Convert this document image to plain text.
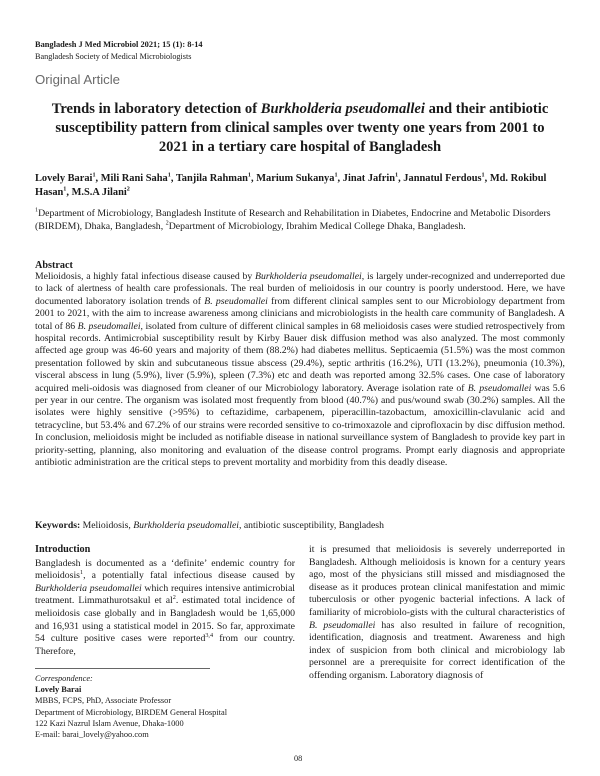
Bangladesh J Med Microbiol 2021; 15 (1): 8-14
Bangladesh Society of Medical Microbiologists
Original Article
Trends in laboratory detection of Burkholderia pseudomallei and their antibiotic susceptibility pattern from clinical samples over twenty one years from 2001 to 2021 in a tertiary care hospital of Bangladesh
Lovely Barai$^1$, Mili Rani Saha$^1$, Tanjila Rahman$^1$, Marium Sukanya$^1$, Jinat Jafrin$^1$, Jannatul Ferdous$^1$, Md. Rokibul Hasan$^1$, M.S.A Jilani$^2$
$^1$Department of Microbiology, Bangladesh Institute of Research and Rehabilitation in Diabetes, Endocrine and Metabolic Disorders (BIRDEM), Dhaka, Bangladesh, $^2$Department of Microbiology, Ibrahim Medical College Dhaka, Bangladesh.
Abstract
Melioidosis, a highly fatal infectious disease caused by Burkholderia pseudomallei, is largely under-recognized and underreported due to lack of alertness of health care professionals. The real burden of melioidosis in our country is poorly understood. Here, we have documented laboratory isolation trends of B. pseudomallei from different clinical samples sent to our Microbiology department from 2001 to 2021, with the aim to increase awareness among clinicians and microbiologists in the health care community of Bangladesh. A total of 86 B. pseudomallei, isolated from culture of different clinical samples in 68 melioidosis cases were studied retrospectively from hospital records. Antimicrobial susceptibility result by Kirby Bauer disk diffusion method was also analyzed. The most commonly affected age group was 46-60 years and majority of them (88.2%) had diabetes mellitus. Septicaemia (51.5%) was the most common presentation followed by skin and subcutaneous tissue abscess (29.4%), septic arthritis (16.2%), UTI (13.2%), pneumonia (10.3%), visceral abscess in lung (5.9%), liver (5.9%), spleen (7.3%) etc and death was reported among 32.5% cases. One case of laboratory acquired meli-oidosis was diagnosed from cleaner of our Microbiology laboratory. Average isolation rate of B. pseudomallei was 5.6 per year in our centre. The organism was isolated most frequently from blood (40.7%) and pus/wound swab (30.2%) samples. All the isolates were highly sensitive (>95%) to ceftazidime, carbapenem, piperacillin-tazobactum, amoxicillin-clavulanic acid and tetracycline, but 53.4% and 67.2% of our strains were recorded sensitive to co-trimoxazole and ciprofloxacin by disc diffusion method. In conclusion, melioidosis might be included as notifiable disease in national surveillance system of Bangladesh to provide key part in priority-setting, planning, also monitoring and evaluation of the disease control programs. Prompt early diagnosis and appropriate antibiotic administration are the critical steps to prevent mortality and morbidity from this deadly disease.
Keywords: Melioidosis, Burkholderia pseudomallei, antibiotic susceptibility, Bangladesh
Introduction
Bangladesh is documented as a ‘definite’ endemic country for melioidosis$^1$, a potentially fatal infectious disease caused by Burkholderia pseudomallei which requires intensive antimicrobial treatment. Limmathurotsakul et $al^2$. estimated total incidence of melioidosis case globally and in Bangladesh would be 1,65,000 and 16,931 using a statistical model in 2015. So far, approximate 54 culture positive cases were reported$^{3,4}$ from our country. Therefore,
it is presumed that melioidosis is severely underreported in Bangladesh. Although melioidosis is known for a century years ago, most of the physicians still missed and misdiagnosed the disease as it produces protean clinical manifestation and mimic tuberculosis or other pyogenic bacterial infections. A lack of familiarity of microbiolo-gists with the cultural characteristics of B. pseudomallei has also resulted in failure of recognition, identification, diagnosis and treatment. Awareness and high index of suspicion from both clinical and microbiology lab personnel are a prerequisite for correct identification of the offending organism. Laboratory diagnosis of
Correspondence:
Lovely Barai
MBBS, FCPS, PhD, Associate Professor
Department of Microbiology, BIRDEM General Hospital
122 Kazi Nazrul Islam Avenue, Dhaka-1000
E-mail: barai_lovely@yahoo.com
08
